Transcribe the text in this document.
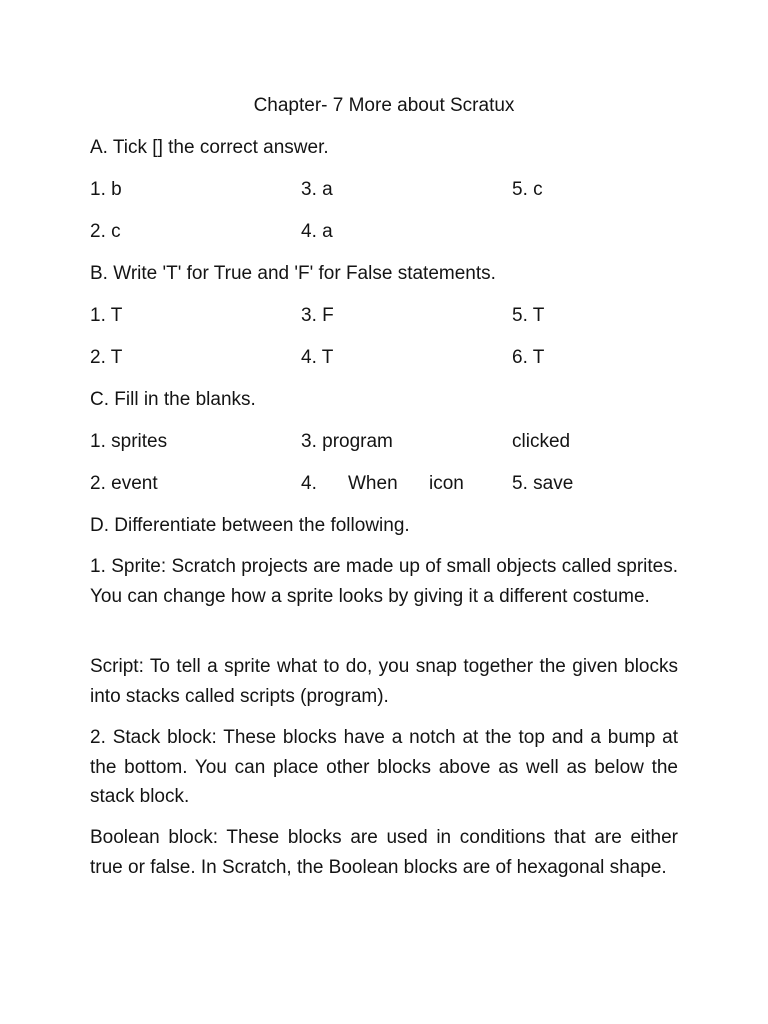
Chapter- 7 More about Scratux
A. Tick [] the correct answer.
1. b	3. a	5. c
2. c	4. a
B. Write 'T' for True and 'F' for False statements.
1. T	3. F	5. T
2. T	4. T	6. T
C. Fill in the blanks.
1. sprites	3. program	clicked
2. event	4. When icon	5. save
D. Differentiate between the following.
1. Sprite: Scratch projects are made up of small objects called sprites. You can change how a sprite looks by giving it a different costume.
Script: To tell a sprite what to do, you snap together the given blocks into stacks called scripts (program).
2. Stack block: These blocks have a notch at the top and a bump at the bottom. You can place other blocks above as well as below the stack block.
Boolean block: These blocks are used in conditions that are either true or false. In Scratch, the Boolean blocks are of hexagonal shape.
